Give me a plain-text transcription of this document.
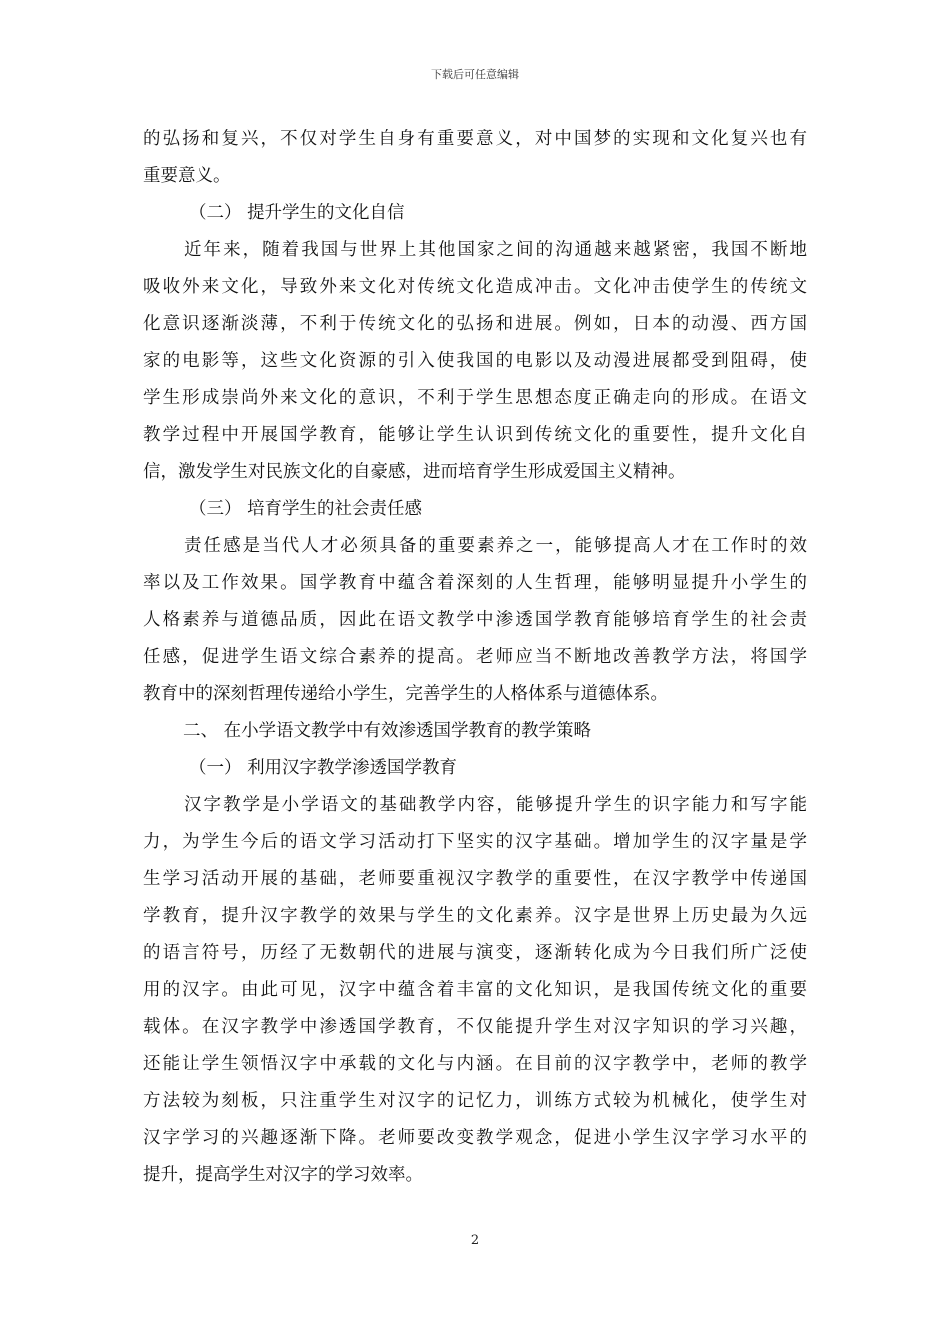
下载后可任意编辑
的弘扬和复兴，不仅对学生自身有重要意义，对中国梦的实现和文化复兴也有
重要意义。
（二） 提升学生的文化自信
近年来，随着我国与世界上其他国家之间的沟通越来越紧密，我国不断地
吸收外来文化，导致外来文化对传统文化造成冲击。文化冲击使学生的传统文
化意识逐渐淡薄，不利于传统文化的弘扬和进展。例如，日本的动漫、西方国
家的电影等，这些文化资源的引入使我国的电影以及动漫进展都受到阻碍，使
学生形成崇尚外来文化的意识，不利于学生思想态度正确走向的形成。在语文
教学过程中开展国学教育，能够让学生认识到传统文化的重要性，提升文化自
信，激发学生对民族文化的自豪感，进而培育学生形成爱国主义精神。
（三） 培育学生的社会责任感
责任感是当代人才必须具备的重要素养之一，能够提高人才在工作时的效
率以及工作效果。国学教育中蕴含着深刻的人生哲理，能够明显提升小学生的
人格素养与道德品质，因此在语文教学中渗透国学教育能够培育学生的社会责
任感，促进学生语文综合素养的提高。老师应当不断地改善教学方法，将国学
教育中的深刻哲理传递给小学生，完善学生的人格体系与道德体系。
二、 在小学语文教学中有效渗透国学教育的教学策略
（一） 利用汉字教学渗透国学教育
汉字教学是小学语文的基础教学内容，能够提升学生的识字能力和写字能
力，为学生今后的语文学习活动打下坚实的汉字基础。增加学生的汉字量是学
生学习活动开展的基础，老师要重视汉字教学的重要性，在汉字教学中传递国
学教育，提升汉字教学的效果与学生的文化素养。汉字是世界上历史最为久远
的语言符号，历经了无数朝代的进展与演变，逐渐转化成为今日我们所广泛使
用的汉字。由此可见，汉字中蕴含着丰富的文化知识，是我国传统文化的重要
载体。在汉字教学中渗透国学教育，不仅能提升学生对汉字知识的学习兴趣，
还能让学生领悟汉字中承载的文化与内涵。在目前的汉字教学中，老师的教学
方法较为刻板，只注重学生对汉字的记忆力，训练方式较为机械化，使学生对
汉字学习的兴趣逐渐下降。老师要改变教学观念，促进小学生汉字学习水平的
提升，提高学生对汉字的学习效率。
2
